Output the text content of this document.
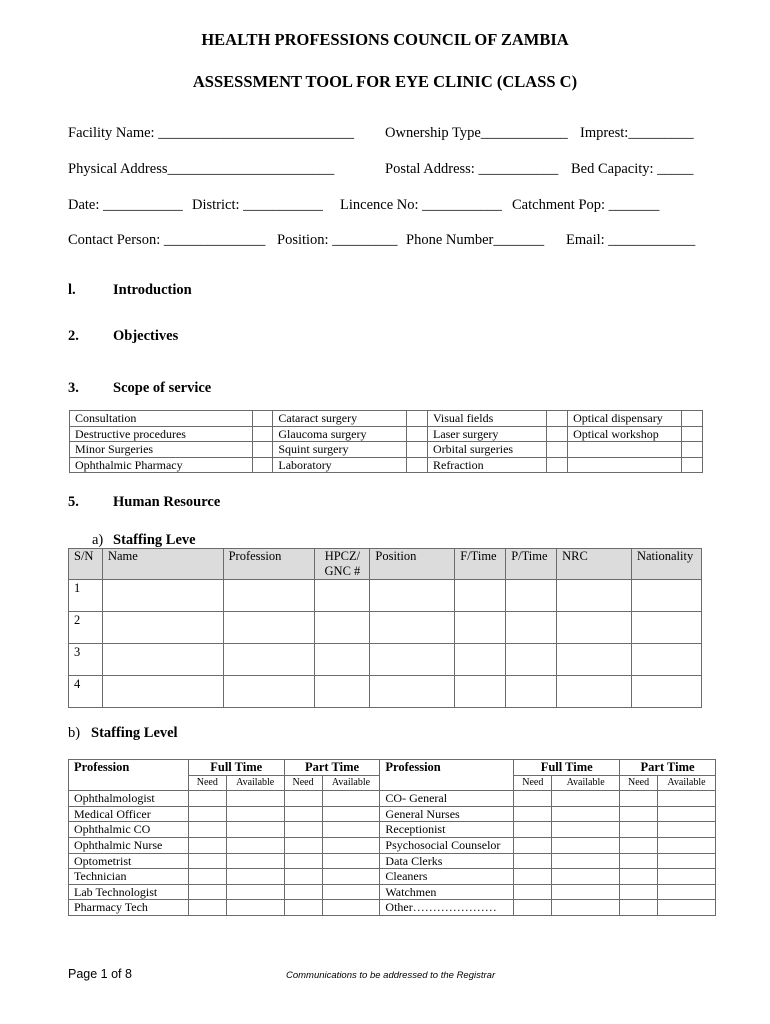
HEALTH PROFESSIONS COUNCIL OF ZAMBIA
ASSESSMENT TOOL FOR EYE CLINIC (CLASS C)
Facility Name: ___________________________ Ownership Type____________ Imprest:_________
Physical Address_______________________	Postal Address: ___________ Bed Capacity: _____
Date: ___________ District: ___________ Lincence No: ___________ Catchment Pop: _______
Contact Person: ______________ Position: _________ Phone Number_______ Email: ____________
l.	Introduction
2. Objectives
3. Scope of service
Consultation		Cataract surgery		Visual fields		Optical dispensary	
Destructive procedures		Glaucoma surgery		Laser surgery		Optical workshop	
Minor Surgeries		Squint surgery		Orbital surgeries			
Ophthalmic Pharmacy		Laboratory		Refraction			
5. Human Resource
a) Staffing Leve
S/N	Name	Profession	HPCZ/ GNC #	Position	F/Time	P/Time	NRC	Nationality
1								
2								
3								
4								
b) Staffing Level
Profession	Full Time		Part Time		Profession	Full Time		Part Time	
	Need	Available	Need	Available		Need	Available	Need	Available
Ophthalmologist					CO- General				
Medical Officer					General Nurses				
Ophthalmic CO					Receptionist				
Ophthalmic Nurse					Psychosocial Counselor				
Optometrist					Data Clerks				
Technician					Cleaners				
Lab Technologist					Watchmen				
Pharmacy Tech					Other…………………				
Page 1 of 8	Communications to be addressed to the Registrar
